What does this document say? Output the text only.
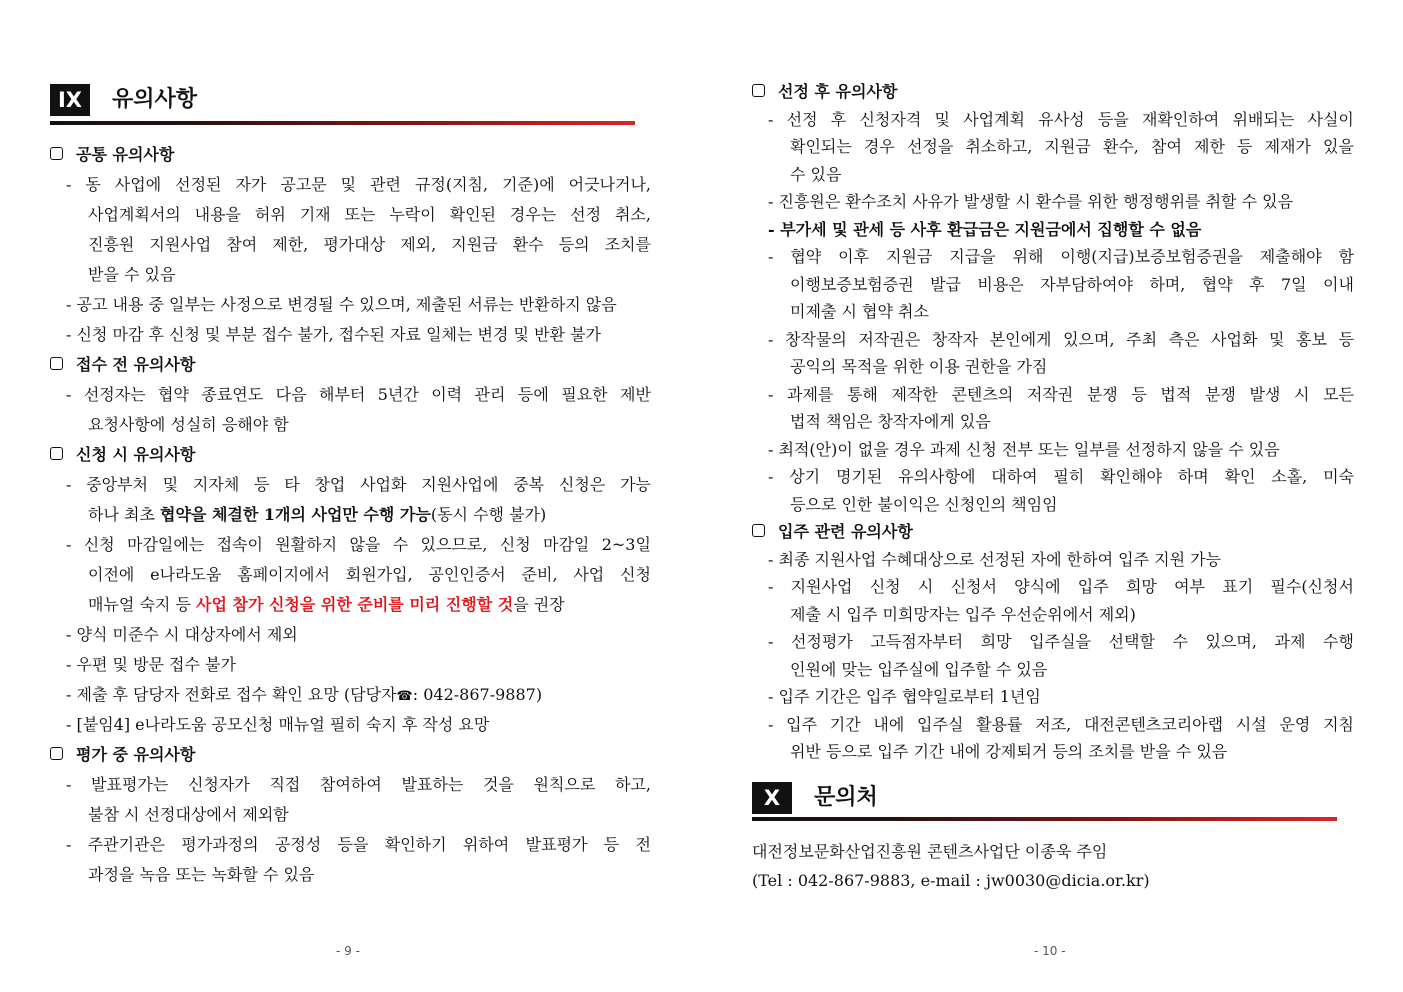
IX	유의사항
공통 유의사항
- 동 사업에 선정된 자가 공고문 및 관련 규정(지침, 기준)에 어긋나거나,
사업계획서의 내용을 허위 기재 또는 누락이 확인된 경우는 선정 취소,
진흥원 지원사업 참여 제한, 평가대상 제외, 지원금 환수 등의 조치를
받을 수 있음
- 공고 내용 중 일부는 사정으로 변경될 수 있으며, 제출된 서류는 반환하지 않음
- 신청 마감 후 신청 및 부분 접수 불가, 접수된 자료 일체는 변경 및 반환 불가
접수 전 유의사항
- 선정자는 협약 종료연도 다음 해부터 5년간 이력 관리 등에 필요한 제반
요청사항에 성실히 응해야 함
신청 시 유의사항
- 중앙부처 및 지자체 등 타 창업 사업화 지원사업에 중복 신청은 가능
하나 최초 협약을 체결한 1개의 사업만 수행 가능(동시 수행 불가)
- 신청 마감일에는 접속이 원활하지 않을 수 있으므로, 신청 마감일 2~3일
이전에 e나라도움 홈페이지에서 회원가입, 공인인증서 준비, 사업 신청
매뉴얼 숙지 등 사업 참가 신청을 위한 준비를 미리 진행할 것을 권장
- 양식 미준수 시 대상자에서 제외
- 우편 및 방문 접수 불가
- 제출 후 담당자 전화로 접수 확인 요망 (담당자☎: 042-867-9887)
- [붙임4] e나라도움 공모신청 매뉴얼 필히 숙지 후 작성 요망
평가 중 유의사항
- 발표평가는 신청자가 직접 참여하여 발표하는 것을 원칙으로 하고,
불참 시 선정대상에서 제외함
- 주관기관은 평가과정의 공정성 등을 확인하기 위하여 발표평가 등 전
과정을 녹음 또는 녹화할 수 있음
- 9 -
선정 후 유의사항
- 선정 후 신청자격 및 사업계획 유사성 등을 재확인하여 위배되는 사실이
확인되는 경우 선정을 취소하고, 지원금 환수, 참여 제한 등 제재가 있을
수 있음
- 진흥원은 환수조치 사유가 발생할 시 환수를 위한 행정행위를 취할 수 있음
- 부가세 및 관세 등 사후 환급금은 지원금에서 집행할 수 없음
- 협약 이후 지원금 지급을 위해 이행(지급)보증보험증권을 제출해야 함
이행보증보험증권 발급 비용은 자부담하여야 하며, 협약 후 7일 이내
미제출 시 협약 취소
- 창작물의 저작권은 창작자 본인에게 있으며, 주최 측은 사업화 및 홍보 등
공익의 목적을 위한 이용 권한을 가짐
- 과제를 통해 제작한 콘텐츠의 저작권 분쟁 등 법적 분쟁 발생 시 모든
법적 책임은 창작자에게 있음
- 최적(안)이 없을 경우 과제 신청 전부 또는 일부를 선정하지 않을 수 있음
- 상기 명기된 유의사항에 대하여 필히 확인해야 하며 확인 소홀, 미숙
등으로 인한 불이익은 신청인의 책임임
입주 관련 유의사항
- 최종 지원사업 수혜대상으로 선정된 자에 한하여 입주 지원 가능
- 지원사업 신청 시 신청서 양식에 입주 희망 여부 표기 필수(신청서
제출 시 입주 미희망자는 입주 우선순위에서 제외)
- 선정평가 고득점자부터 희망 입주실을 선택할 수 있으며, 과제 수행
인원에 맞는 입주실에 입주할 수 있음
- 입주 기간은 입주 협약일로부터 1년임
- 입주 기간 내에 입주실 활용률 저조, 대전콘텐츠코리아랩 시설 운영 지침
위반 등으로 입주 기간 내에 강제퇴거 등의 조치를 받을 수 있음
X	문의처
대전정보문화산업진흥원 콘텐츠사업단 이종욱 주임
(Tel : 042-867-9883, e-mail : jw0030@dicia.or.kr)
- 10 -
